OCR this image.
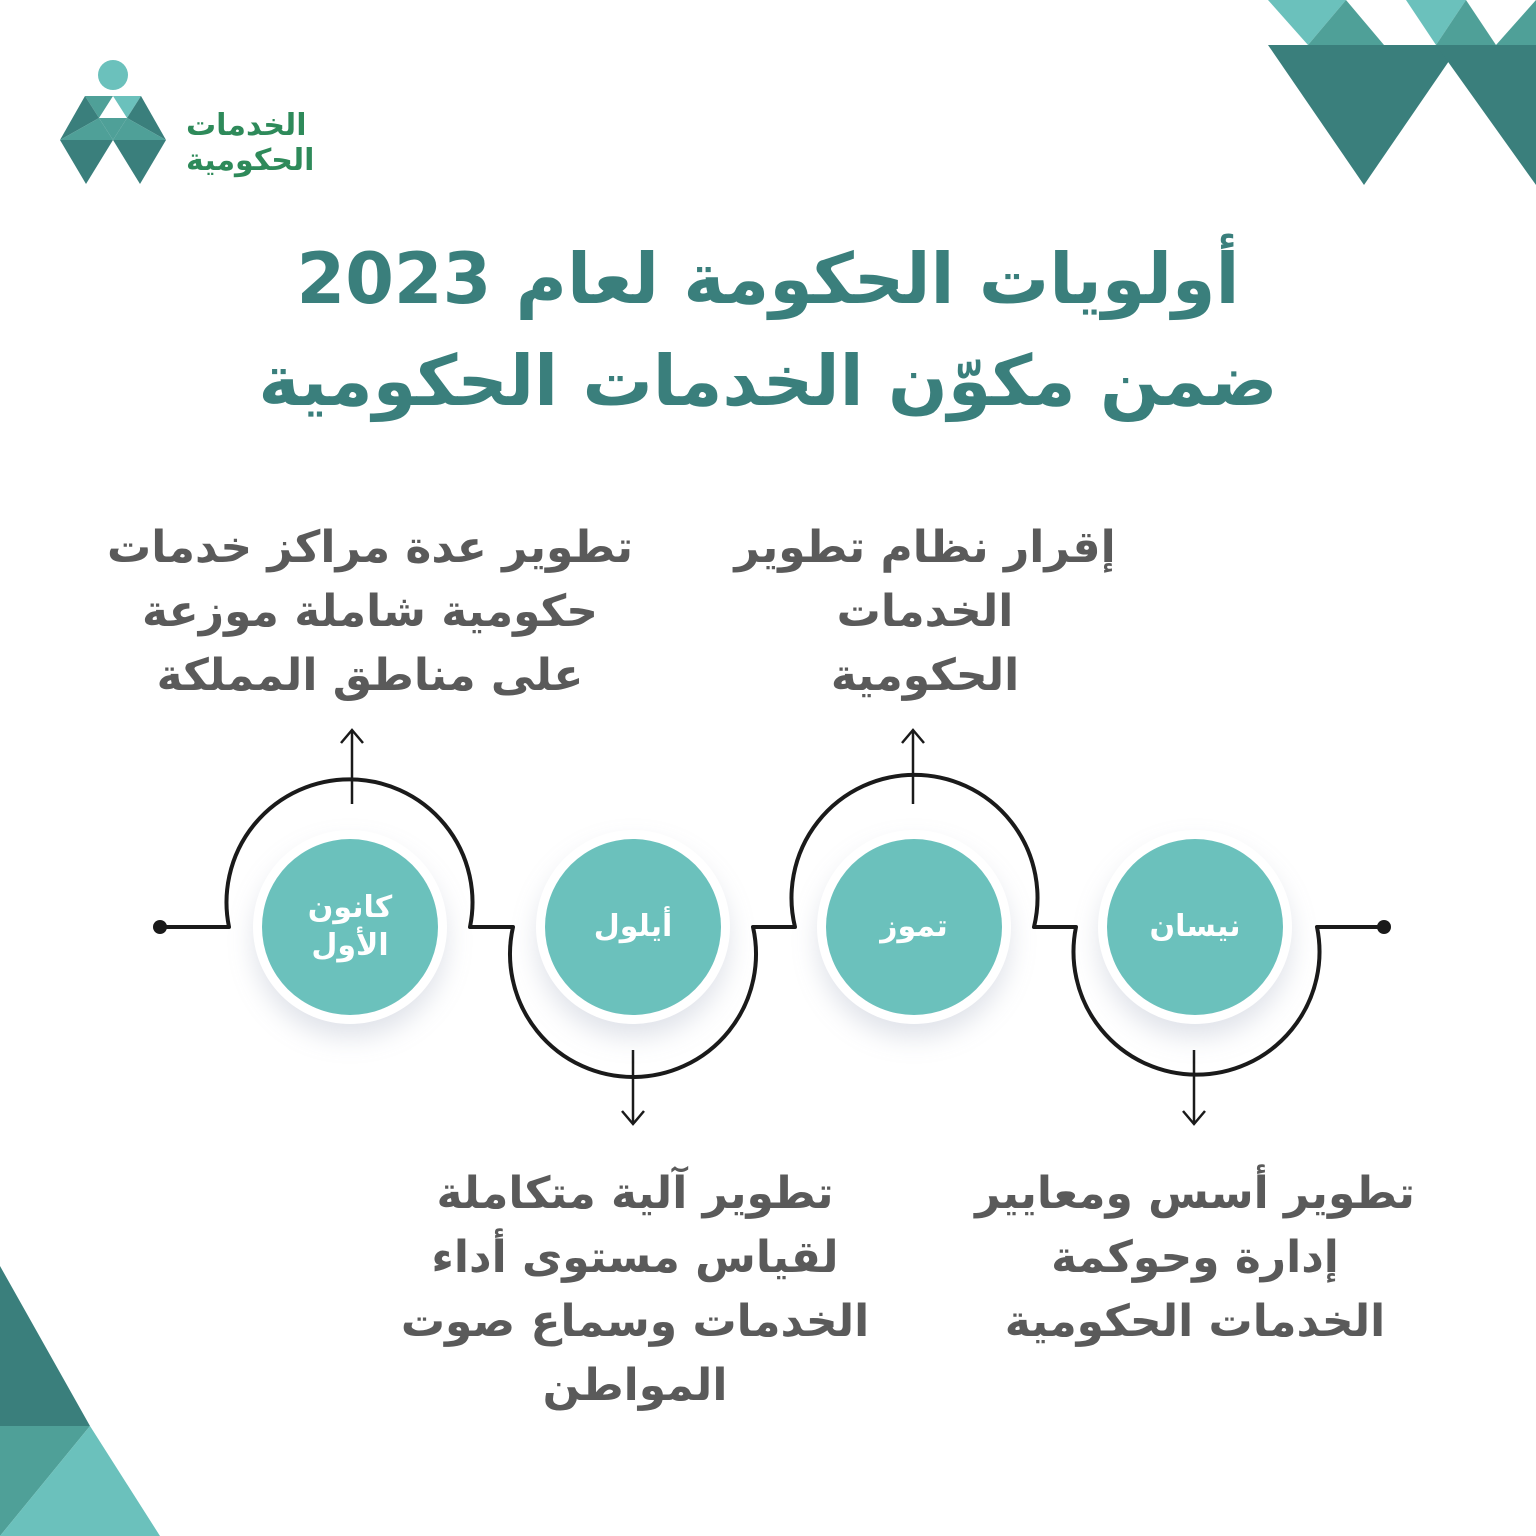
الخدمات الحكومية
أولويات الحكومة لعام 2023
ضمن مكوّن الخدمات الحكومية
كانون الأول
أيلول	تموز	نيسان
تطوير عدة مراكز خدمات
حكومية شاملة موزعة
على مناطق المملكة
إقرار نظام تطوير
الخدمات
الحكومية
تطوير آلية متكاملة
لقياس مستوى أداء
الخدمات وسماع صوت
المواطن
تطوير أسس ومعايير
إدارة وحوكمة
الخدمات الحكومية
